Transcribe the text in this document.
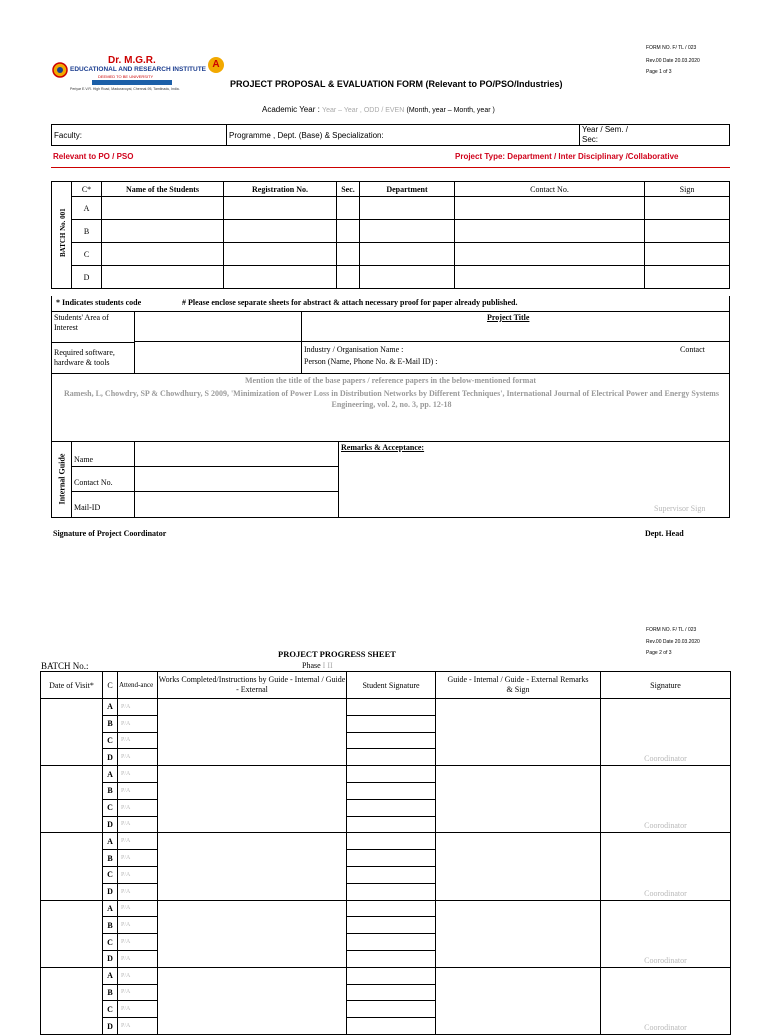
FORM NO. F/ TL / 023
Rev.00 Date 20.03.2020
Page 1 of 3
Dr. M.G.R.
EDUCATIONAL AND RESEARCH INSTITUTE
DEEMED TO BE UNIVERSITY
Periyar E.V.R. High Road, Maduravoyal, Chennai-95, Tamilnadu, India.
A
PROJECT PROPOSAL & EVALUATION FORM (Relevant to PO/PSO/Industries)
Academic Year : Year – Year , ODD / EVEN (Month, year – Month, year )
Faculty:	Programme , Dept. (Base) & Specialization:	
Year / Sem. /
Sec:
Relevant to PO / PSO	Project Type: Department / Inter Disciplinary /Collaborative
BATCH No. 001	C*	Name of the Students	Registration No.	Sec.	Department	Contact No.	Sign
	A						
	B						
	C						
	D						
* Indicates students code	# Please enclose separate sheets for abstract & attach necessary proof for paper already published.
Students' Area of Interest
Project Title
Required software, hardware & tools
Industry / Organisation Name :	Contact
Person (Name, Phone No. & E-Mail ID) :
Mention the title of the base papers / reference papers in the below-mentioned format
Ramesh, L, Chowdry, SP & Chowdhury, S 2009, 'Minimization of Power Loss in Distribution Networks by Different Techniques', International Journal of Electrical Power and Energy Systems Engineering, vol. 2, no. 3, pp. 12-18
Internal Guide Name
Contact No.
Mail-ID
Remarks & Acceptance:
Supervisor Sign
Signature of Project Coordinator	Dept. Head
FORM NO. F/ TL / 023
Rev.00 Date 20.03.2020
Page 2 of 3
PROJECT PROGRESS SHEET
BATCH No.:	Phase I II
Date of Visit*	C	Attend-ance	Works Completed/Instructions by Guide - Internal / Guide - External	Student Signature	Guide - Internal / Guide - External Remarks & Sign	Signature
	A	P/A				Coorodinator
	B	P/A				
	C	P/A				
	D	P/A				
	A	P/A				Coorodinator
	B	P/A				
	C	P/A				
	D	P/A				
	A	P/A				Coorodinator
	B	P/A				
	C	P/A				
	D	P/A				
	A	P/A				Coorodinator
	B	P/A				
	C	P/A				
	D	P/A				
	A	P/A				Coorodinator
	B	P/A				
	C	P/A				
	D	P/A				
